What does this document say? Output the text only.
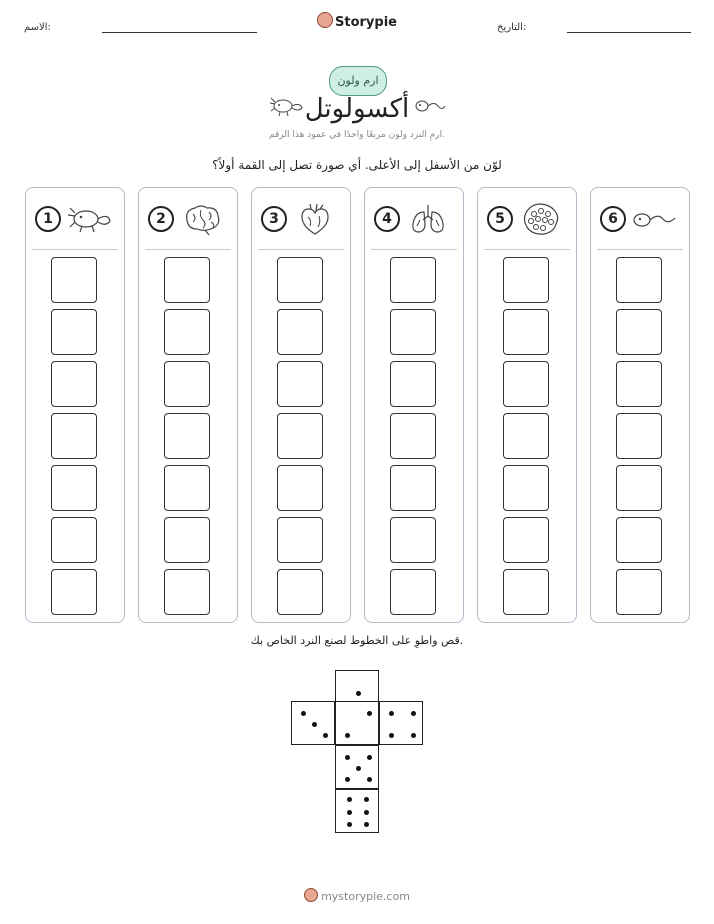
الاسم:	Storypie	التاريخ:
ارم ولون
أكسولوتل
ارمِ النرد ولون مربعًا واحدًا في عمود هذا الرقم.
لوّن من الأسفل إلى الأعلى. أي صورة تصل إلى القمة أولاً؟
1	2	3	4	5	6
قص واطوِ على الخطوط لصنع النرد الخاص بك.
mystorypie.com
